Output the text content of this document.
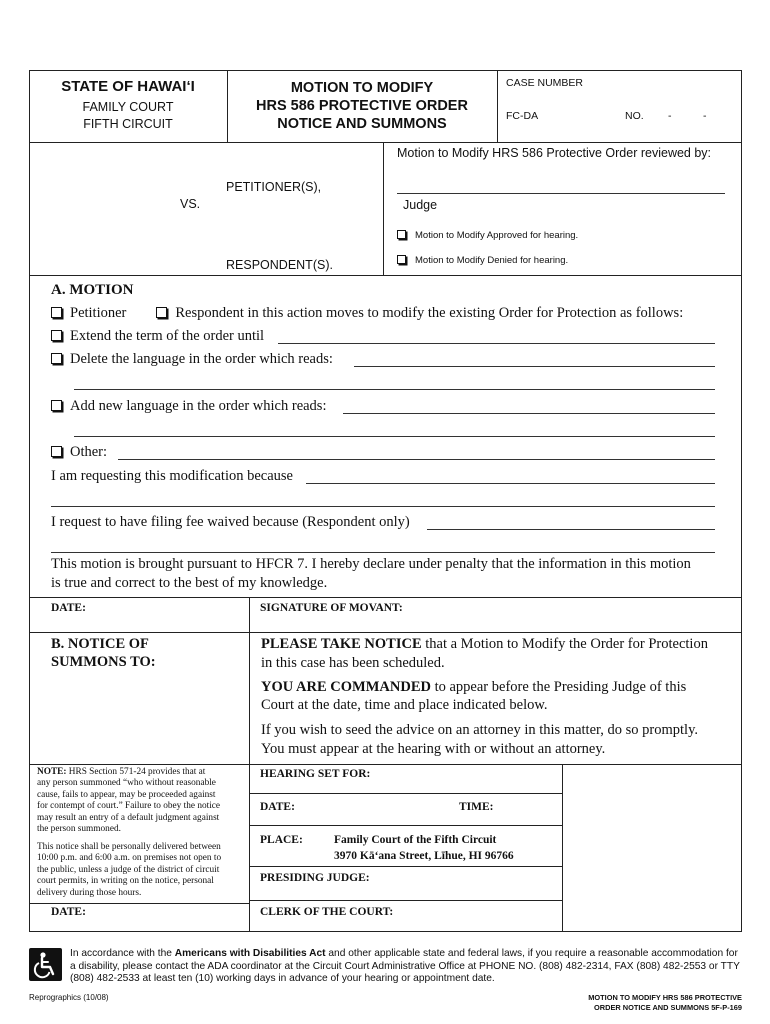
STATE OF HAWAI‘I
FAMILY COURT
FIFTH CIRCUIT
MOTION TO MODIFY
HRS 586 PROTECTIVE ORDER
NOTICE AND SUMMONS
CASE NUMBER
FC-DA	NO. -	-
PETITIONER(S),
VS.
RESPONDENT(S).
Motion to Modify HRS 586 Protective Order reviewed by:
Judge
Motion to Modify Approved for hearing.
Motion to Modify Denied for hearing.
A. MOTION
Petitioner	Respondent in this action moves to modify the existing Order for Protection as follows:
Extend the term of the order until
Delete the language in the order which reads:
Add new language in the order which reads:
Other:
I am requesting this modification because
I request to have filing fee waived because (Respondent only)
This motion is brought pursuant to HFCR 7. I hereby declare under penalty that the information in this motion
is true and correct to the best of my knowledge.
DATE:	SIGNATURE OF MOVANT:
B. NOTICE OF
SUMMONS TO:
PLEASE TAKE NOTICE that a Motion to Modify the Order for Protection
in this case has been scheduled.
YOU ARE COMMANDED to appear before the Presiding Judge of this
Court at the date, time and place indicated below.
If you wish to seed the advice on an attorney in this matter, do so promptly.
You must appear at the hearing with or without an attorney.
NOTE: HRS Section 571-24 provides that at
any person summoned “who without reasonable
cause, fails to appear, may be proceeded against
for contempt of court.” Failure to obey the notice
may result an entry of a default judgment against
the person summoned.
This notice shall be personally delivered between
10:00 p.m. and 6:00 a.m. on premises not open to
the public, unless a judge of the district of circuit
court permits, in writing on the notice, personal
delivery during those hours.
DATE:
HEARING SET FOR:
DATE:	TIME:
PLACE:	Family Court of the Fifth Circuit
3970 Kāʻana Street, Līhue, HI 96766
PRESIDING JUDGE:
CLERK OF THE COURT:
In accordance with the Americans with Disabilities Act and other applicable state and federal laws, if you require a reasonable accommodation for
a disability, please contact the ADA coordinator at the Circuit Court Administrative Office at PHONE NO. (808) 482-2314, FAX (808) 482-2553 or TTY
(808) 482-2533 at least ten (10) working days in advance of your hearing or appointment date.
Reprographics (10/08)	MOTION TO MODIFY HRS 586 PROTECTIVE
ORDER NOTICE AND SUMMONS 5F-P-169
